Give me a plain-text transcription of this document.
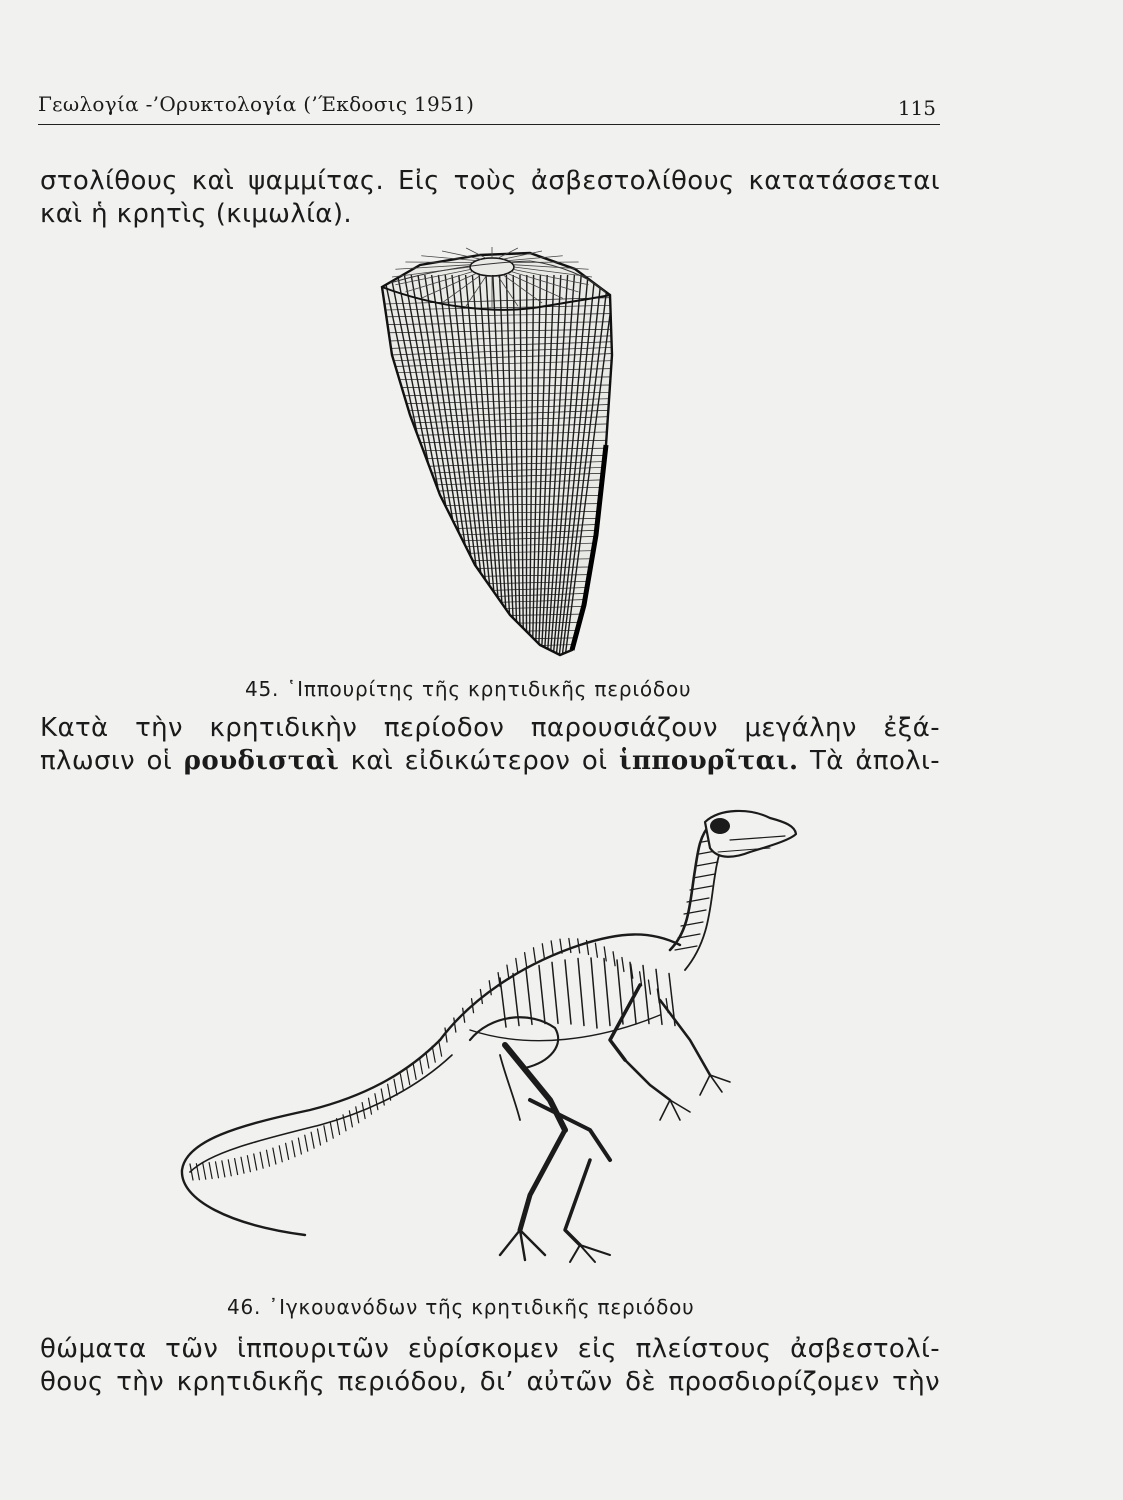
Γεωλογία -’Ορυκτολογία (’Έκδοσις 1951)	115
στολίθους καὶ ψαμμίτας. Εἰς τοὺς ἀσβεστολίθους κατατάσσεται
καὶ ἡ κρητὶς (κιμωλία).
45. ῾Ιππουρίτης τῆς κρητιδικῆς περιόδου
Κατὰ τὴν κρητιδικὴν περίοδον παρουσιάζουν μεγάλην ἐξά-
πλωσιν οἱ ρουδισταὶ καὶ εἰδικώτερον οἱ ἱππουρῖται. Τὰ ἀπολι-
46. ᾿Ιγκουανόδων τῆς κρητιδικῆς περιόδου
θώματα τῶν ἱππουριτῶν εὑρίσκομεν εἰς πλείστους ἀσβεστολί-
θους τὴν κρητιδικῆς περιόδου, δι’ αὐτῶν δὲ προσδιορίζομεν τὴν
